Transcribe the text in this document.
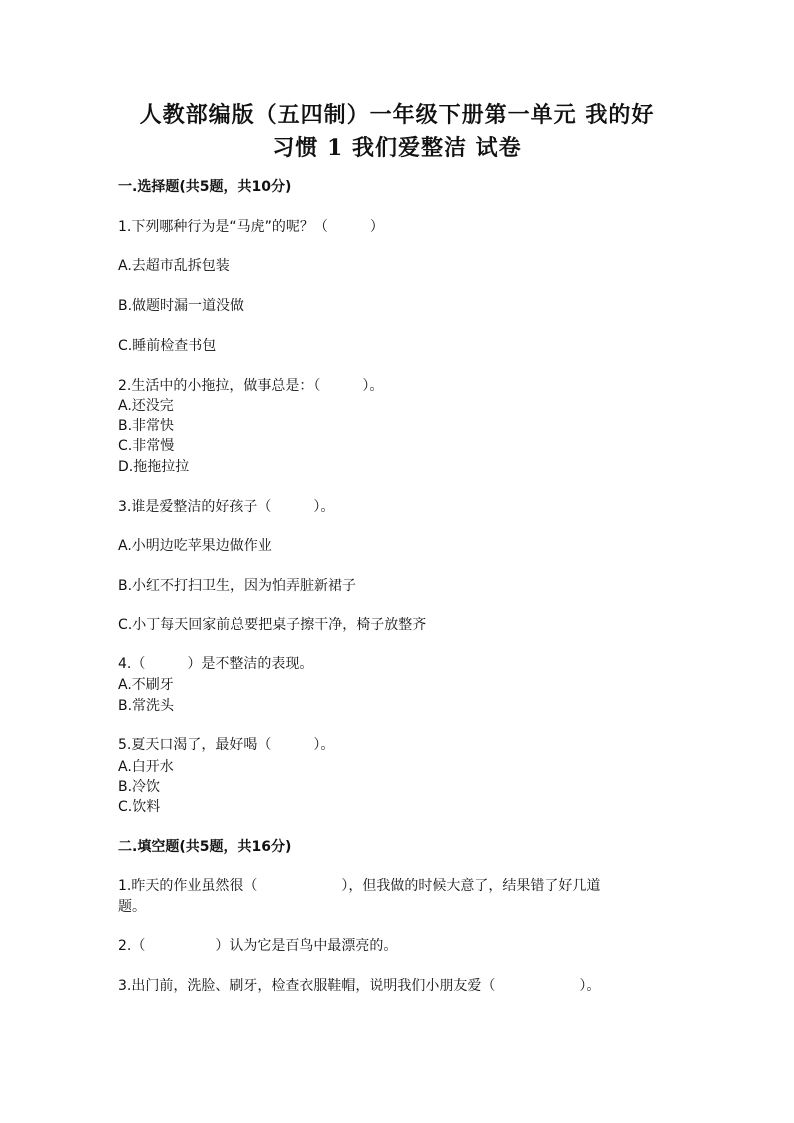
人教部编版（五四制）一年级下册第一单元 我的好
习惯 1 我们爱整洁 试卷
一.选择题(共5题，共10分)
1.下列哪种行为是“马虎”的呢？（　　　）
A.去超市乱拆包装
B.做题时漏一道没做
C.睡前检查书包
2.生活中的小拖拉，做事总是：（　　　）。
A.还没完
B.非常快
C.非常慢
D.拖拖拉拉
3.谁是爱整洁的好孩子（　　　）。
A.小明边吃苹果边做作业
B.小红不打扫卫生，因为怕弄脏新裙子
C.小丁每天回家前总要把桌子擦干净，椅子放整齐
4.（　　　）是不整洁的表现。
A.不刷牙
B.常洗头
5.夏天口渴了，最好喝（　　　）。
A.白开水
B.冷饮
C.饮料
二.填空题(共5题，共16分)
1.昨天的作业虽然很（　　　　　　），但我做的时候大意了，结果错了好几道
题。
2.（　　　　　）认为它是百鸟中最漂亮的。
3.出门前，洗脸、刷牙，检查衣服鞋帽，说明我们小朋友爱（　　　　　　）。
